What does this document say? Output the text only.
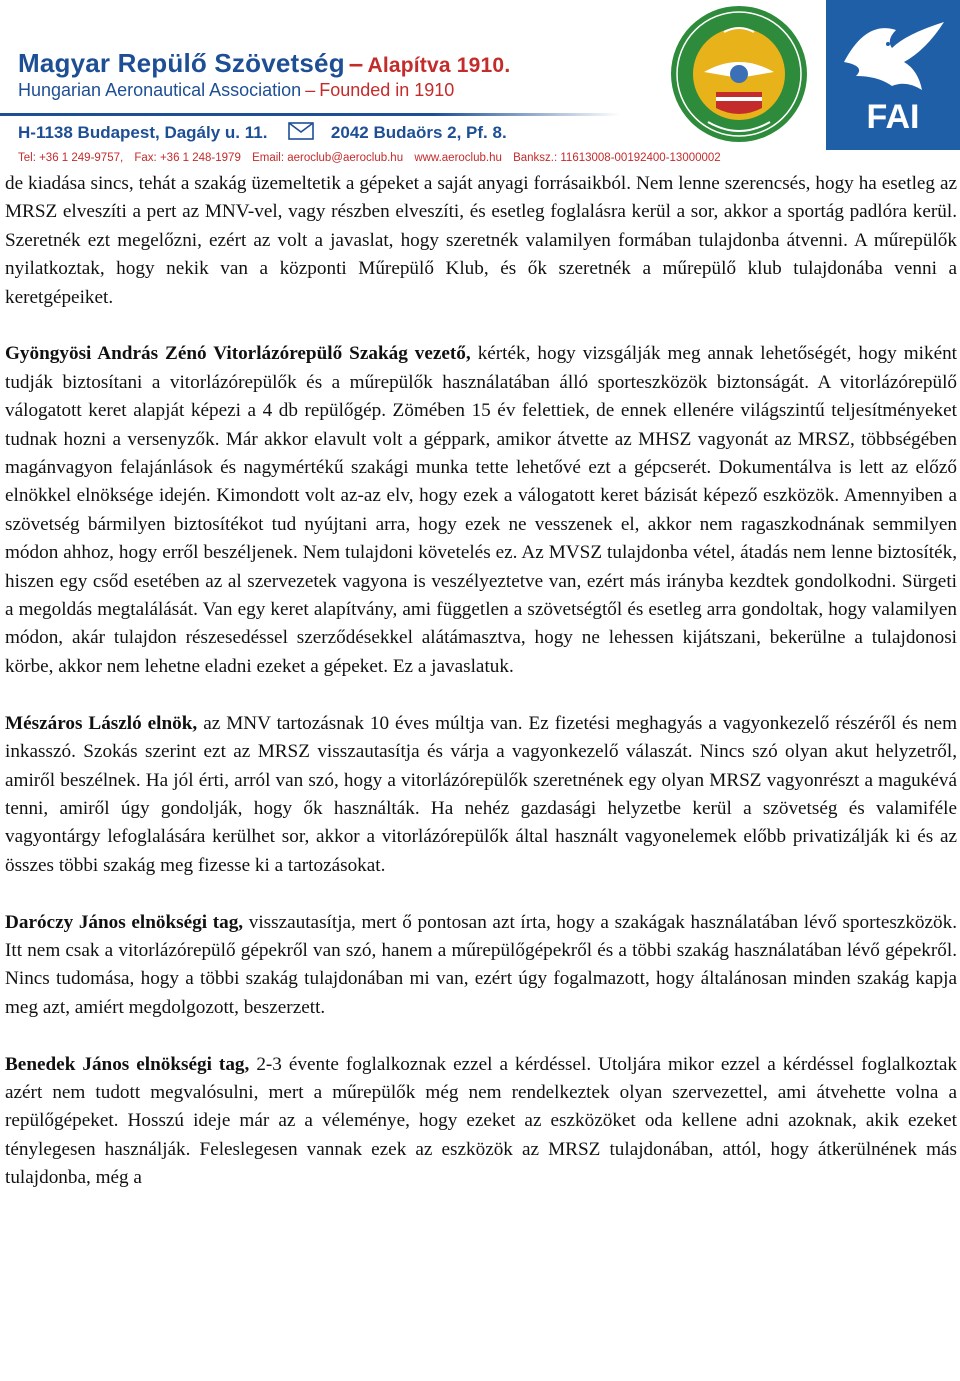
Magyar Repülő Szövetség – Alapítva 1910.
Hungarian Aeronautical Association – Founded in 1910
H-1138 Budapest, Dagály u. 11.	2042 Budaörs 2, Pf. 8.
Tel: +36 1 249-9757, Fax: +36 1 248-1979 Email: aeroclub@aeroclub.hu www.aeroclub.hu Banksz.: 11613008-00192400-13000002
FAI

de kiadása sincs, tehát a szakág üzemeltetik a gépeket a saját anyagi forrásaikból. Nem lenne szerencsés, hogy ha esetleg az MRSZ elveszíti a pert az MNV-vel, vagy részben elveszíti, és esetleg foglalásra kerül a sor, akkor a sportág padlóra kerül. Szeretnék ezt megelőzni, ezért az volt a javaslat, hogy szeretnék valamilyen formában tulajdonba átvenni. A műrepülők nyilatkoztak, hogy nekik van a központi Műrepülő Klub, és ők szeretnék a műrepülő klub tulajdonába venni a keretgépeiket.

Gyöngyösi András Zénó Vitorlázórepülő Szakág vezető, kérték, hogy vizsgálják meg annak lehetőségét, hogy miként tudják biztosítani a vitorlázórepülők és a műrepülők használatában álló sporteszközök biztonságát. A vitorlázórepülő válogatott keret alapját képezi a 4 db repülőgép. Zömében 15 év felettiek, de ennek ellenére világszintű teljesítményeket tudnak hozni a versenyzők. Már akkor elavult volt a géppark, amikor átvette az MHSZ vagyonát az MRSZ, többségében magánvagyon felajánlások és nagymértékű szakági munka tette lehetővé ezt a gépcserét. Dokumentálva is lett az előző elnökkel elnöksége idején. Kimondott volt az-az elv, hogy ezek a válogatott keret bázisát képező eszközök. Amennyiben a szövetség bármilyen biztosítékot tud nyújtani arra, hogy ezek ne vesszenek el, akkor nem ragaszkodnának semmilyen módon ahhoz, hogy erről beszéljenek. Nem tulajdoni követelés ez. Az MVSZ tulajdonba vétel, átadás nem lenne biztosíték, hiszen egy csőd esetében az al szervezetek vagyona is veszélyeztetve van, ezért más irányba kezdtek gondolkodni. Sürgeti a megoldás megtalálását. Van egy keret alapítvány, ami független a szövetségtől és esetleg arra gondoltak, hogy valamilyen módon, akár tulajdon részesedéssel szerződésekkel alátámasztva, hogy ne lehessen kijátszani, bekerülne a tulajdonosi körbe, akkor nem lehetne eladni ezeket a gépeket. Ez a javaslatuk.

Mészáros László elnök, az MNV tartozásnak 10 éves múltja van. Ez fizetési meghagyás a vagyonkezelő részéről és nem inkasszó. Szokás szerint ezt az MRSZ visszautasítja és várja a vagyonkezelő válaszát. Nincs szó olyan akut helyzetről, amiről beszélnek. Ha jól érti, arról van szó, hogy a vitorlázórepülők szeretnének egy olyan MRSZ vagyonrészt a magukévá tenni, amiről úgy gondolják, hogy ők használták. Ha nehéz gazdasági helyzetbe kerül a szövetség és valamiféle vagyontárgy lefoglalására kerülhet sor, akkor a vitorlázórepülők által használt vagyonelemek előbb privatizálják ki és az összes többi szakág meg fizesse ki a tartozásokat.

Daróczy János elnökségi tag, visszautasítja, mert ő pontosan azt írta, hogy a szakágak használatában lévő sporteszközök. Itt nem csak a vitorlázórepülő gépekről van szó, hanem a műrepülőgépekről és a többi szakág használatában lévő gépekről. Nincs tudomása, hogy a többi szakág tulajdonában mi van, ezért úgy fogalmazott, hogy általánosan minden szakág kapja meg azt, amiért megdolgozott, beszerzett.

Benedek János elnökségi tag, 2-3 évente foglalkoznak ezzel a kérdéssel. Utoljára mikor ezzel a kérdéssel foglalkoztak azért nem tudott megvalósulni, mert a műrepülők még nem rendelkeztek olyan szervezettel, ami átvehette volna a repülőgépeket. Hosszú ideje már az a véleménye, hogy ezeket az eszközöket oda kellene adni azoknak, akik ezeket ténylegesen használják. Feleslegesen vannak ezek az eszközök az MRSZ tulajdonában, attól, hogy átkerülnének más tulajdonba, még a
